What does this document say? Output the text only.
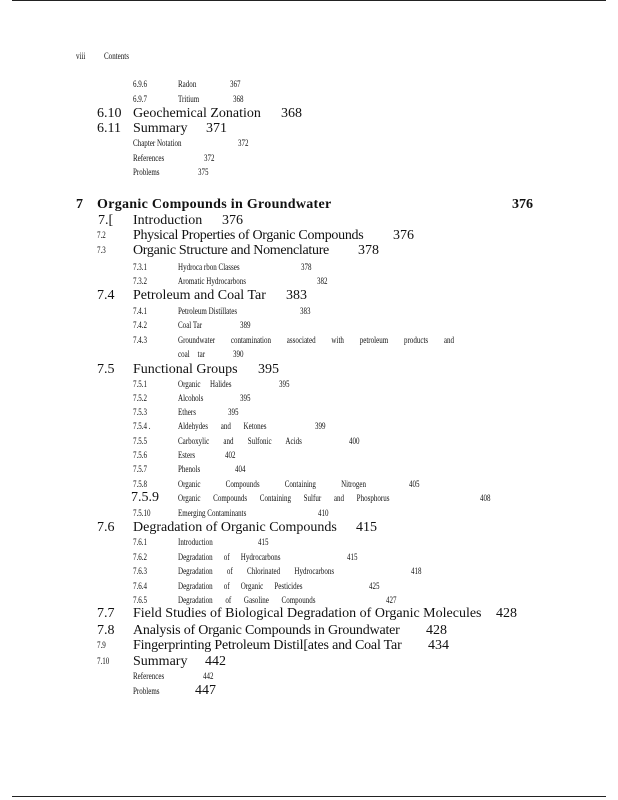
viii Contents
6.9.6	Radon	367
6.9.7	Tritium	368
6.10 Geochemical Zonation 368
6.11 Summary 371
Chapter Notation	372
References	372
Problems	375
7 Organic Compounds in Groundwater	376
7.[ Introduction 376
7.2 Physical Properties of Organic Compounds 376
7.3 Organic Structure and Nomenclature 378
7.3.1	Hydroca rbon Classes	378
7.3.2	Aromatic Hydrocarbons	382
7.4 Petroleum and Coal Tar 383
7.4.1	Petroleum Distillates	383
7.4.2	Coal Tar	389
7.4.3	Groundwater contamination associated with petroleum products and
coal tar	390
7.5 Functional Groups 395
7.5.1	Organic Halides	395
7.5.2	Alcohols	395
7.5.3	Ethers	395
7.5.4 .	Aldehydes and Ketones	399
7.5.5	Carboxylic and Sulfonic Acids	400
7.5.6	Esters	402
7.5.7	Phenols	404
7.5.8	Organic Compounds Containing Nitrogen	405
7.5.9 Organic Compounds Containing Sulfur and Phosphorus	408
7.5.10	Emerging Contaminants	410
7.6 Degradation of Organic Compounds 415
7.6.1	Introduction	415
7.6.2	Degradation of Hydrocarbons	415
7.6.3	Degradation of Chlorinated Hydrocarbons	418
7.6.4	Degradation of Organic Pesticides	425
7.6.5	Degradation of Gasoline Compounds	427
7.7 Field Studies of Biological Degradation of Organic Molecules 428
7.8 Analysis of Organic Compounds in Groundwater 428
7.9 Fingerprinting Petroleum Distil[ates and Coal Tar 434
7.10 Summary 442
References	442
Problems	447
